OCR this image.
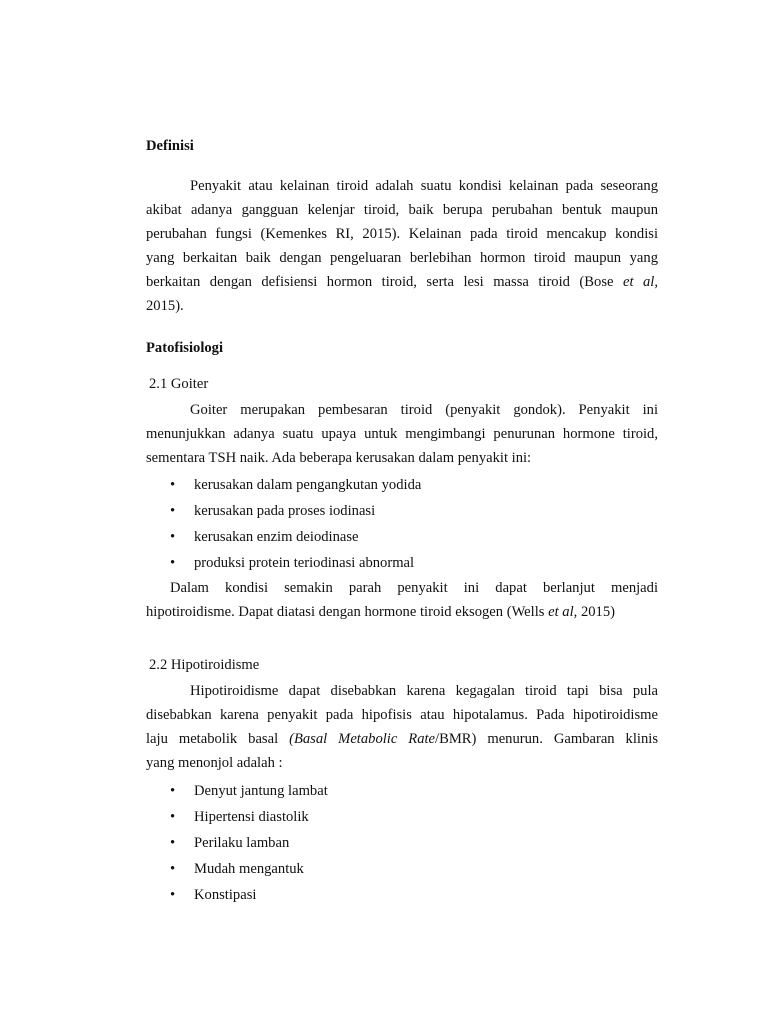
Definisi
Penyakit atau kelainan tiroid adalah suatu kondisi kelainan pada seseorang
akibat adanya gangguan kelenjar tiroid, baik berupa perubahan bentuk maupun
perubahan fungsi (Kemenkes RI, 2015). Kelainan pada tiroid mencakup kondisi
yang berkaitan baik dengan pengeluaran berlebihan hormon tiroid maupun yang
berkaitan dengan defisiensi hormon tiroid, serta lesi massa tiroid (Bose et al,
2015).
Patofisiologi
2.1 Goiter
Goiter merupakan pembesaran tiroid (penyakit gondok). Penyakit ini
menunjukkan adanya suatu upaya untuk mengimbangi penurunan hormone tiroid,
sementara TSH naik. Ada beberapa kerusakan dalam penyakit ini:
• kerusakan dalam pengangkutan yodida
• kerusakan pada proses iodinasi
• kerusakan enzim deiodinase
• produksi protein teriodinasi abnormal
Dalam kondisi semakin parah penyakit ini dapat berlanjut menjadi
hipotiroidisme. Dapat diatasi dengan hormone tiroid eksogen (Wells et al, 2015)
2.2 Hipotiroidisme
Hipotiroidisme dapat disebabkan karena kegagalan tiroid tapi bisa pula
disebabkan karena penyakit pada hipofisis atau hipotalamus. Pada hipotiroidisme
laju metabolik basal (Basal Metabolic Rate/BMR) menurun. Gambaran klinis
yang menonjol adalah :
• Denyut jantung lambat
• Hipertensi diastolik
• Perilaku lamban
• Mudah mengantuk
• Konstipasi
